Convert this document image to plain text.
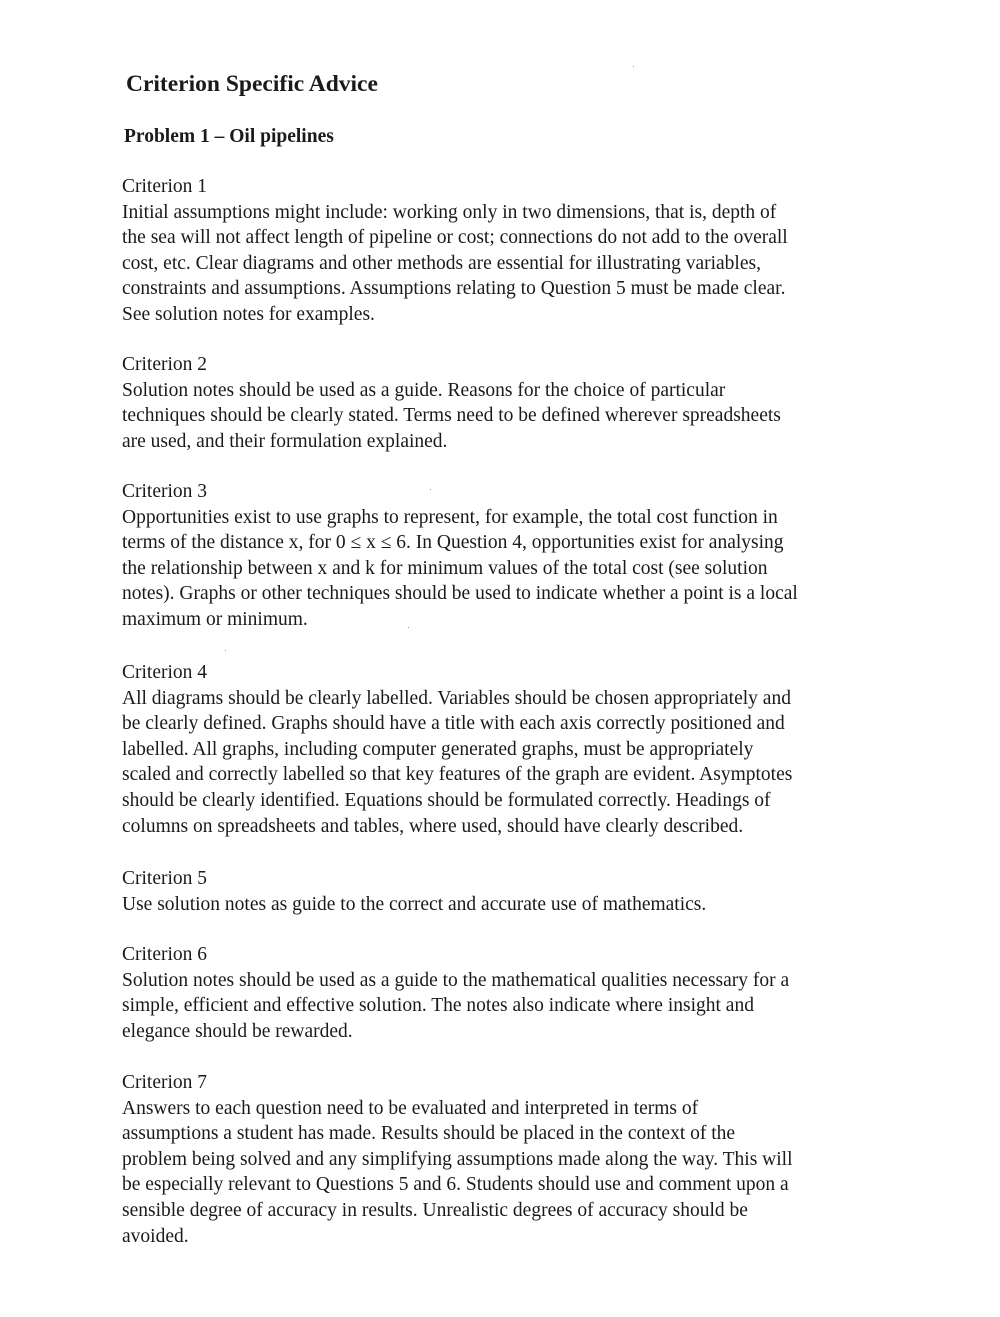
Criterion Specific Advice
Problem 1 – Oil pipelines

Criterion 1

Initial assumptions might include: working only in two dimensions, that is, depth of
the sea will not affect length of pipeline or cost; connections do not add to the overall
cost, etc. Clear diagrams and other methods are essential for illustrating variables,
constraints and assumptions. Assumptions relating to Question 5 must be made clear.
See solution notes for examples.

Criterion 2

Solution notes should be used as a guide. Reasons for the choice of particular
techniques should be clearly stated. Terms need to be defined wherever spreadsheets
are used, and their formulation explained.

Criterion 3

Opportunities exist to use graphs to represent, for example, the total cost function in
terms of the distance x, for 0 ≤ x ≤ 6. In Question 4, opportunities exist for analysing
the relationship between x and k for minimum values of the total cost (see solution
notes). Graphs or other techniques should be used to indicate whether a point is a local
maximum or minimum.

Criterion 4

All diagrams should be clearly labelled. Variables should be chosen appropriately and
be clearly defined. Graphs should have a title with each axis correctly positioned and
labelled. All graphs, including computer generated graphs, must be appropriately
scaled and correctly labelled so that key features of the graph are evident. Asymptotes
should be clearly identified. Equations should be formulated correctly. Headings of
columns on spreadsheets and tables, where used, should have clearly described.

Criterion 5

Use solution notes as guide to the correct and accurate use of mathematics.

Criterion 6

Solution notes should be used as a guide to the mathematical qualities necessary for a
simple, efficient and effective solution. The notes also indicate where insight and
elegance should be rewarded.

Criterion 7

Answers to each question need to be evaluated and interpreted in terms of
assumptions a student has made. Results should be placed in the context of the
problem being solved and any simplifying assumptions made along the way. This will
be especially relevant to Questions 5 and 6. Students should use and comment upon a
sensible degree of accuracy in results. Unrealistic degrees of accuracy should be
avoided.
